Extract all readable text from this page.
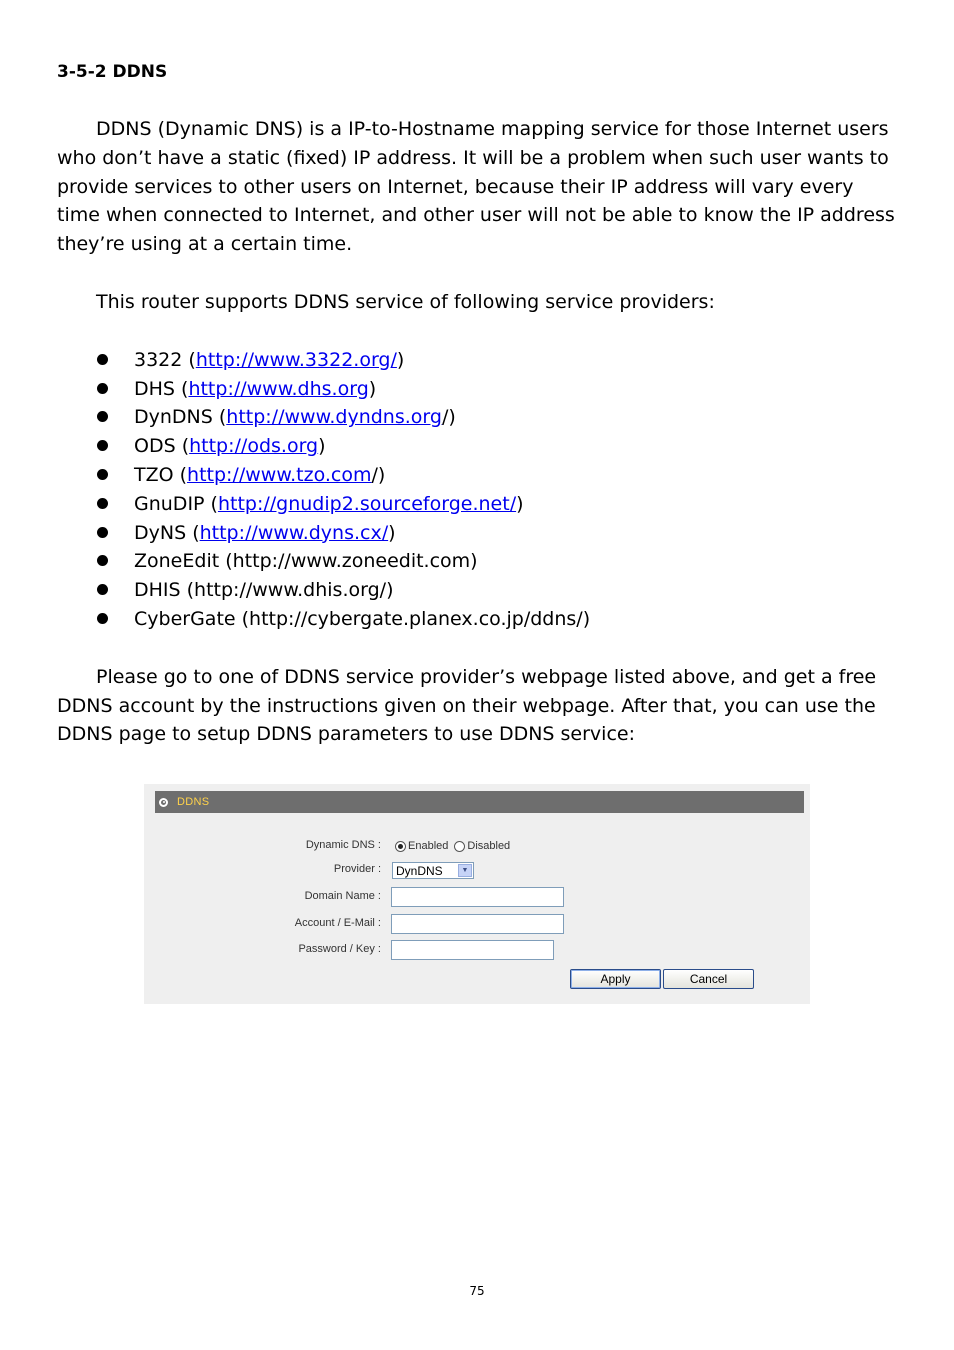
3-5-2 DDNS

DDNS (Dynamic DNS) is a IP-to-Hostname mapping service for those Internet users who don’t have a static (fixed) IP address. It will be a problem when such user wants to provide services to other users on Internet, because their IP address will vary every time when connected to Internet, and other user will not be able to know the IP address they’re using at a certain time.

This router supports DDNS service of following service providers:

3322 (http://www.3322.org/)
DHS (http://www.dhs.org)
DynDNS (http://www.dyndns.org/)
ODS (http://ods.org)
TZO (http://www.tzo.com/)
GnuDIP (http://gnudip2.sourceforge.net/)
DyNS (http://www.dyns.cx/)
ZoneEdit (http://www.zoneedit.com)
DHIS (http://www.dhis.org/)
CyberGate (http://cybergate.planex.co.jp/ddns/)

Please go to one of DDNS service provider’s webpage listed above, and get a free DDNS account by the instructions given on their webpage. After that, you can use the DDNS page to setup DDNS parameters to use DDNS service:

DDNS
Dynamic DNS : Enabled Disabled
Provider : DynDNS	▼
Domain Name :
Account / E-Mail :
Password / Key :
Apply	Cancel
75
